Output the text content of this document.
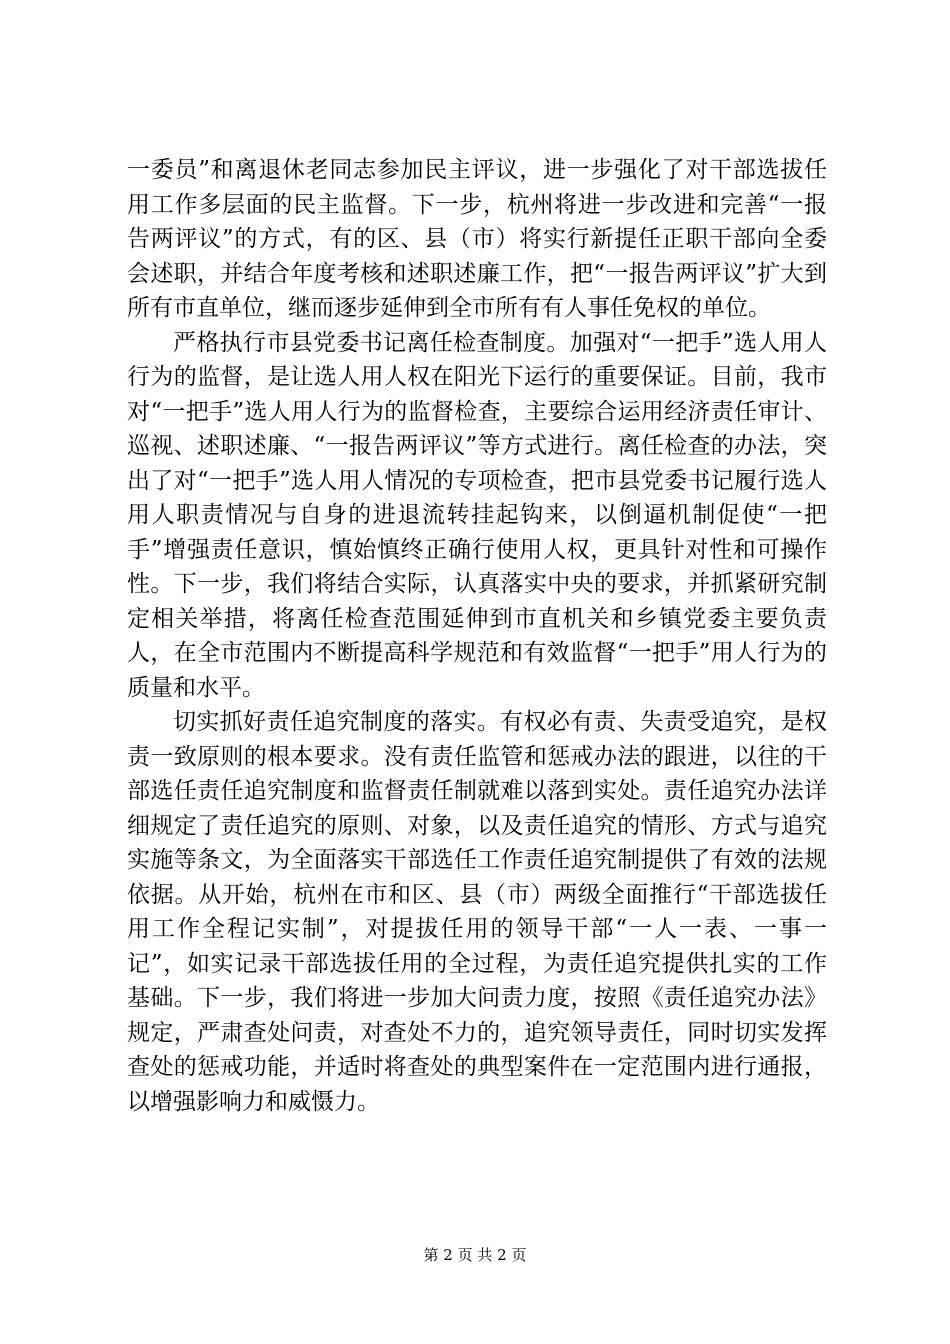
一委员”和离退休老同志参加民主评议，进一步强化了对干部选拔任用工作多层面的民主监督。下一步，杭州将进一步改进和完善“一报告两评议”的方式，有的区、县（市）将实行新提任正职干部向全委会述职，并结合年度考核和述职述廉工作，把“一报告两评议”扩大到所有市直单位，继而逐步延伸到全市所有有人事任免权的单位。

严格执行市县党委书记离任检查制度。加强对“一把手”选人用人行为的监督，是让选人用人权在阳光下运行的重要保证。目前，我市对“一把手”选人用人行为的监督检查，主要综合运用经济责任审计、巡视、述职述廉、“一报告两评议”等方式进行。离任检查的办法，突出了对“一把手”选人用人情况的专项检查，把市县党委书记履行选人用人职责情况与自身的进退流转挂起钩来，以倒逼机制促使“一把手”增强责任意识，慎始慎终正确行使用人权，更具针对性和可操作性。下一步，我们将结合实际，认真落实中央的要求，并抓紧研究制定相关举措，将离任检查范围延伸到市直机关和乡镇党委主要负责人，在全市范围内不断提高科学规范和有效监督“一把手”用人行为的质量和水平。

切实抓好责任追究制度的落实。有权必有责、失责受追究，是权责一致原则的根本要求。没有责任监管和惩戒办法的跟进，以往的干部选任责任追究制度和监督责任制就难以落到实处。责任追究办法详细规定了责任追究的原则、对象，以及责任追究的情形、方式与追究实施等条文，为全面落实干部选任工作责任追究制提供了有效的法规依据。从开始，杭州在市和区、县（市）两级全面推行“干部选拔任用工作全程记实制”，对提拔任用的领导干部“一人一表、一事一记”，如实记录干部选拔任用的全过程，为责任追究提供扎实的工作基础。下一步，我们将进一步加大问责力度，按照《责任追究办法》规定，严肃查处问责，对查处不力的，追究领导责任，同时切实发挥查处的惩戒功能，并适时将查处的典型案件在一定范围内进行通报，以增强影响力和威慑力。

第 2 页 共 2 页
